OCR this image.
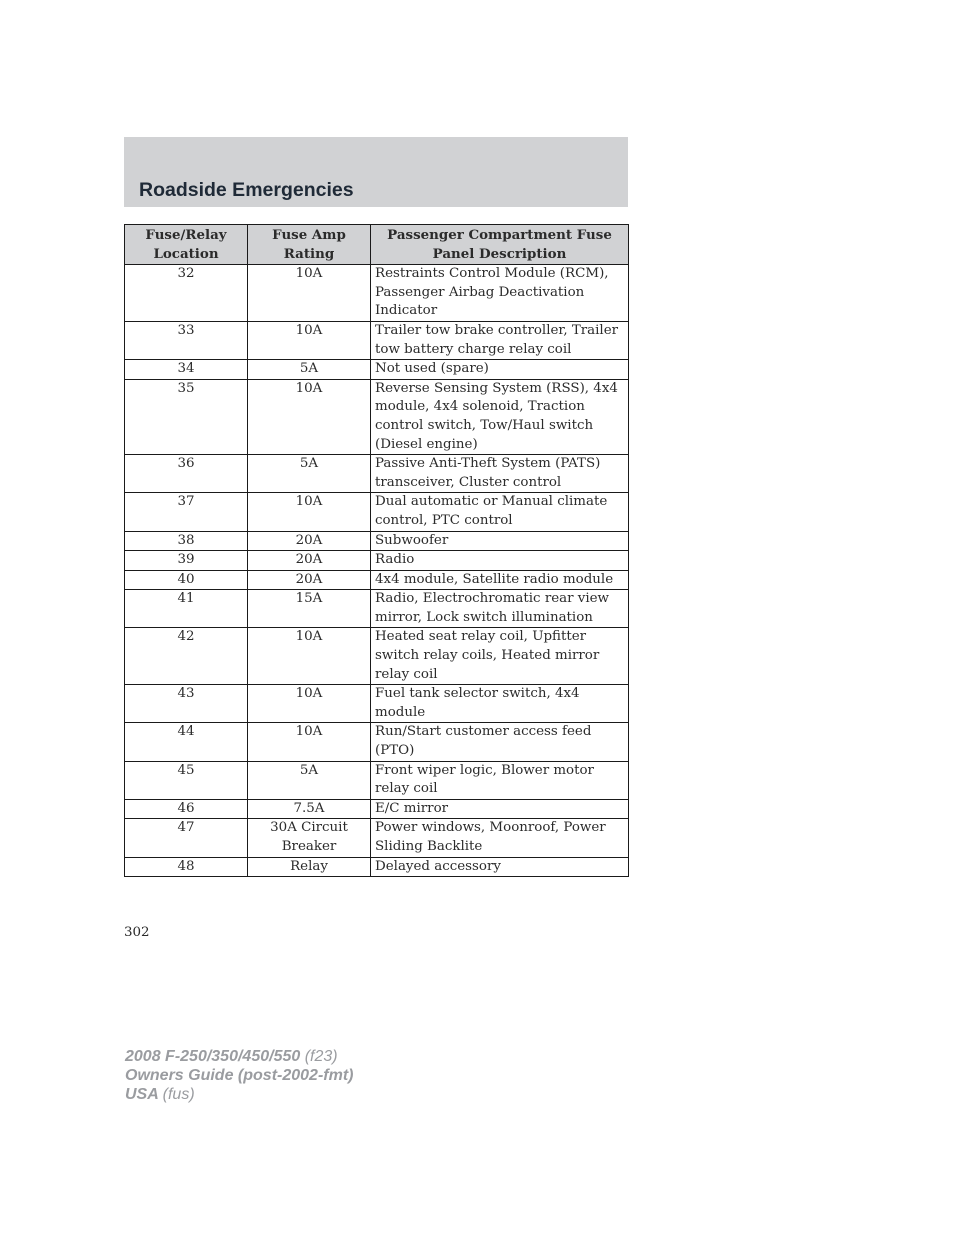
Roadside Emergencies
Fuse/Relay Location	Fuse Amp Rating	Passenger Compartment Fuse Panel Description
32	10A	Restraints Control Module (RCM), Passenger Airbag Deactivation Indicator
33	10A	Trailer tow brake controller, Trailer tow battery charge relay coil
34	5A	Not used (spare)
35	10A	Reverse Sensing System (RSS), 4x4 module, 4x4 solenoid, Traction control switch, Tow/Haul switch (Diesel engine)
36	5A	Passive Anti-Theft System (PATS) transceiver, Cluster control
37	10A	Dual automatic or Manual climate control, PTC control
38	20A	Subwoofer
39	20A	Radio
40	20A	4x4 module, Satellite radio module
41	15A	Radio, Electrochromatic rear view mirror, Lock switch illumination
42	10A	Heated seat relay coil, Upfitter switch relay coils, Heated mirror relay coil
43	10A	Fuel tank selector switch, 4x4 module
44	10A	Run/Start customer access feed (PTO)
45	5A	Front wiper logic, Blower motor relay coil
46	7.5A	E/C mirror
47	30A Circuit Breaker	Power windows, Moonroof, Power Sliding Backlite
48	Relay	Delayed accessory

302

2008 F-250/350/450/550 (f23)
Owners Guide (post-2002-fmt)
USA (fus)
